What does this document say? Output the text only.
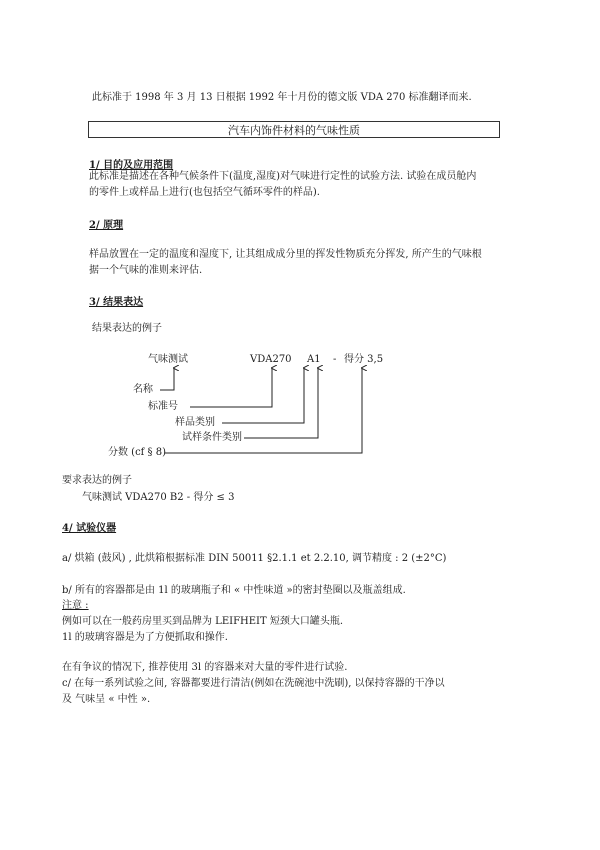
此标准于 1998 年 3 月 13 日根据 1992 年十月份的德文版 VDA 270 标准翻译而来.
汽车内饰件材料的气味性质
1/ 目的及应用范围
此标准是描述在各种气候条件下(温度,湿度)对气味进行定性的试验方法. 试验在成员舱内
的零件上或样品上进行(也包括空气循环零件的样品).
2/ 原理
样品放置在一定的温度和湿度下, 让其组成成分里的挥发性物质充分挥发, 所产生的气味根
据一个气味的准则来评估.
3/ 结果表达
结果表达的例子
气味测试	VDA270 A1 - 得分 3,5
名称
标准号
样品类别
试样条件类别
分数 (cf § 8)
要求表达的例子
气味测试 VDA270 B2 - 得分 ≤ 3
4/ 试验仪器
a/ 烘箱 (鼓风) , 此烘箱根据标准 DIN 50011 §2.1.1 et 2.2.10, 调节精度 : 2 (±2°C)
b/ 所有的容器都是由 1l 的玻璃瓶子和 « 中性味道 »的密封垫圈以及瓶盖组成.
注意 :
例如可以在一般药房里买到品牌为 LEIFHEIT 短颈大口罐头瓶.
1l 的玻璃容器是为了方便抓取和操作.
在有争议的情况下, 推荐使用 3l 的容器来对大量的零件进行试验.
c/ 在每一系列试验之间, 容器都要进行清洁(例如在洗碗池中洗刷), 以保持容器的干净以
及 气味呈 « 中性 ».
